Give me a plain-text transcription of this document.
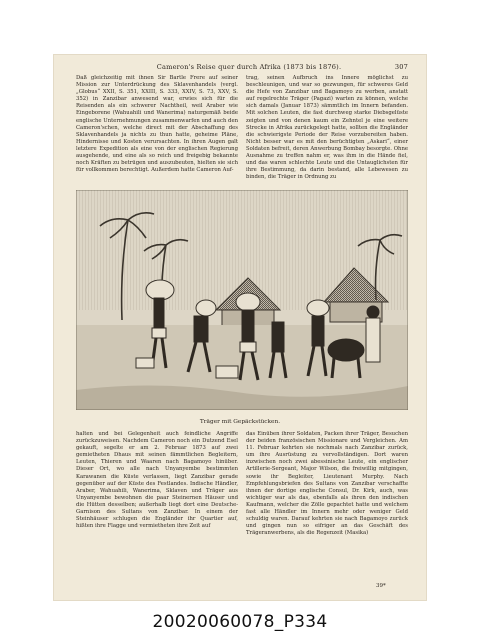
Cameron's Reise quer durch Afrika (1873 bis 1876).	307
Daß gleichzeitig mit ihnen Sir Bartle Frere auf seiner Mission zur Unterdrückung des Sklavenhandels (vergl. „Globus“ XXII, S. 351, XXIII, S. 333, XXIV, S. 73, XXV, S. 352) in Zanzibar anwesend war, erwies sich für die Reisenden als ein schwerer Nachtheil, weil Araber wie Eingeborene (Wahuahili und Wanerima) naturgemäß beide englische Unternehmungen zusammenwarfen und auch den Cameron'schen, welche direct mit der Abschaffung des Sklavenhandels ja nichts zu thun hatte, geheime Pläne, Hindernisse und Kosten verursachten. In ihren Augen galt letztere Expedition als eine von der englischen Regierung ausgehende, und eine als so reich und freigebig bekannte noch Kräften zu betrügen und auszubeuten, hielten sie sich für vollkommen berechtigt. Außerdem hatte Cameron Auf-
trag, seinen Aufbruch ins Innere möglichst zu beschleunigen, und war so gezwungen, für schweres Geld die Hefe von Zanzibar und Bagamoyo zu werben, anstatt auf regelrechte Träger (Pagazi) warten zu können, welche sich damals (Januar 1873) sämmtlich im Innern befanden. Mit solchen Leuten, die fast durchweg starke Diebsgelüste zeigten und von denen kaum ein Zehntel je eine weitere Strecke in Afrika zurückgelegt hatte, sollten die Engländer die schwierigste Periode der Reise vorzubereiten haben. Nicht besser war es mit den berüchtigten „Askari“, einer Soldaten befreit, deren Anwerbung Bombay besorgte. Ohne Ausnahme zu treffen nahm er, was ihm in die Hände fiel, und das waren schlechte Leute und die Untauglichsten für ihre Bestimmung, da darin bestand, alle Lebewesen zu binden, die Träger in Ordnung zu
Träger mit Gepäckstücken.
halten und bei Gelegenheit auch feindliche Angriffe zurückzuweisen. Nachdem Cameron noch ein Dutzend Esel gekauft, segelte er am 2. Februar 1873 auf zwei gemietheten Dhaus mit seinen fämmtlichen Begleitern, Leuten, Thieren und Waaren nach Bagamoyo hinüber. Dieser Ort, wo alle nach Unyanyembe bestimmten Karawanen die Küste verlassen, liegt Zanzibar gerade gegenüber auf der Küste des Festlandes. Indische Händler, Araber, Wahuahili, Wanerima, Sklaven und Träger aus Unyanyembe bewohnen die paar Steinernen Häuser und die Hütten desselben; außerhalb liegt dort eine Deutsche-Garnison des Sultans von Zanzibar. In einem der Steinhäuser schlugen die Engländer ihr Quartier auf, hißten ihre Flagge und vermietheten ihre Zeit auf
das Einüben ihrer Soldaten, Packen ihrer Träger, Besuchen der beiden französischen Missionare und Vergleichen. Am 11. Februar kehrten sie nochmals nach Zanzibar zurück, um ihre Ausrüstung zu vervollständigen. Dort waren inzwischen noch zwei abessinische Leute, ein englischer Artillerie-Sergeant, Major Wilson, die freiwillig mitgingen, sowie ihr Begleiter, Lieutenant Murphy. Nach Empfehlungsbriefen des Sultans von Zanzibar verschaffte ihnen der dortige englische Consul, Dr. Kirk, auch, was wichtiger war als das, ebenfalls als ihren den indischen Kaufmann, welcher die Zölle gepachtet hatte und welchem fast alle Händler im Innern mehr oder weniger Geld schuldig waren. Darauf kehrten sie nach Bagamoyo zurück und gingen nun so eifriger an das Geschäft des Trägeranwerbens, als die Regenzeit (Masika)
39*
20020060078_P334
